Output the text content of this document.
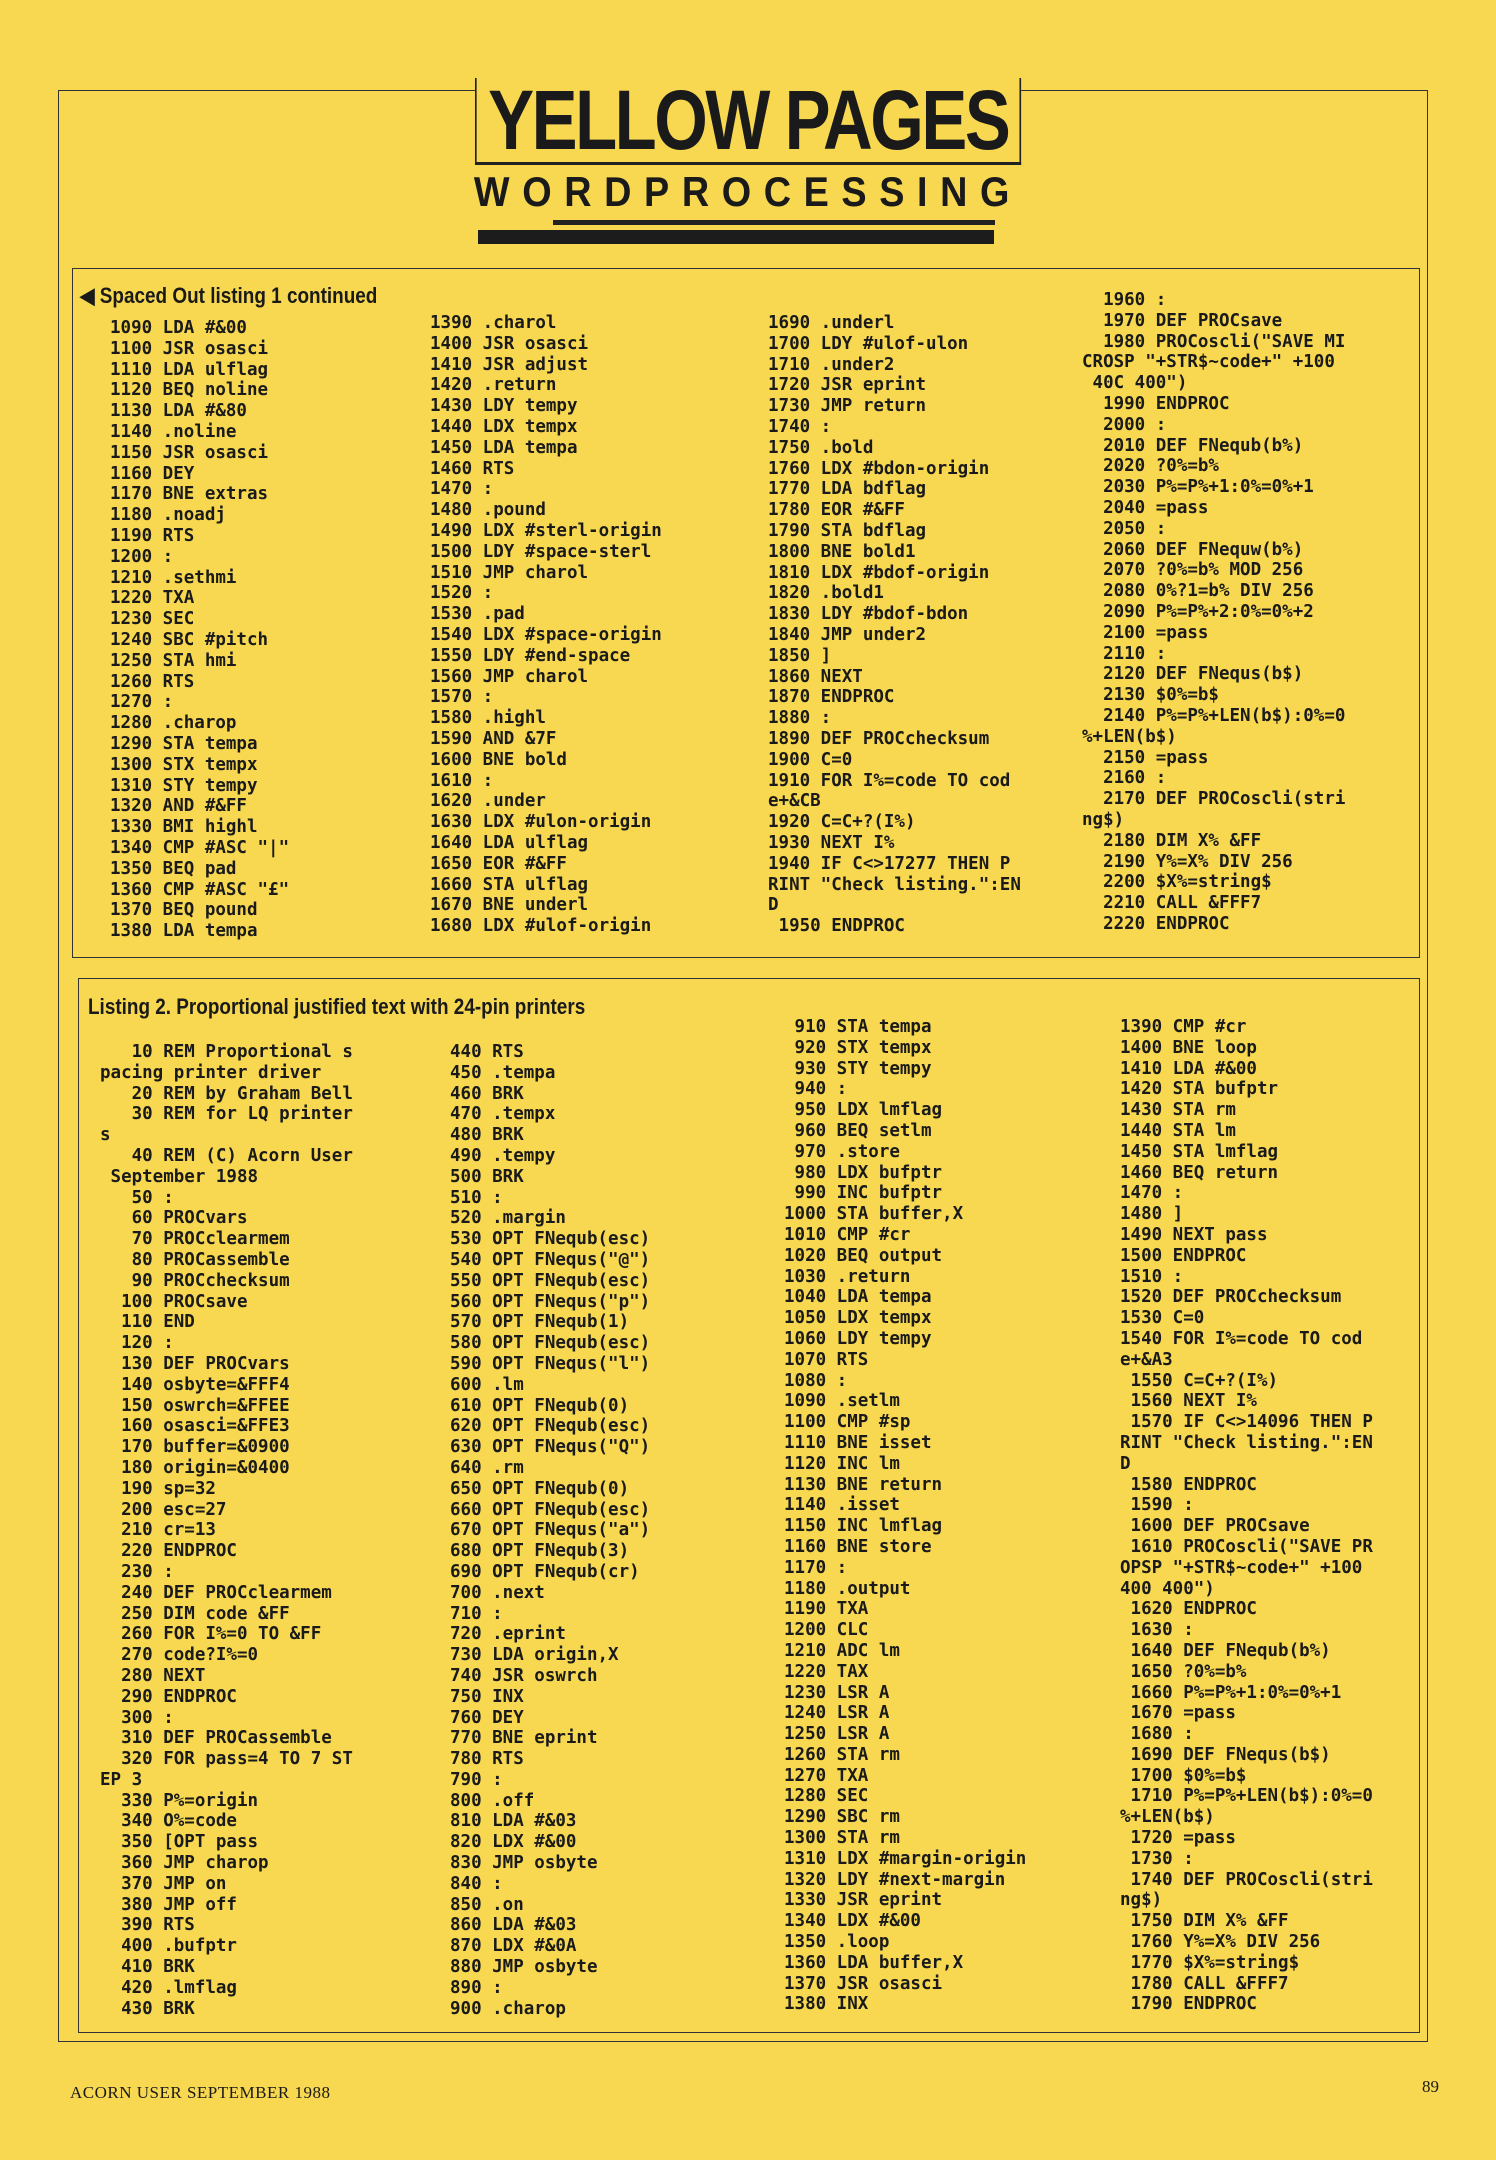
YELLOW PAGES
WORDPROCESSING
◀ Spaced Out listing 1 continued
1090 LDA #&00
1100 JSR osasci
1110 LDA ulflag
1120 BEQ noline
1130 LDA #&80
1140 .noline
1150 JSR osasci
1160 DEY
1170 BNE extras
1180 .noadj
1190 RTS
1200 :
1210 .sethmi
1220 TXA
1230 SEC
1240 SBC #pitch
1250 STA hmi
1260 RTS
1270 :
1280 .charop
1290 STA tempa
1300 STX tempx
1310 STY tempy
1320 AND #&FF
1330 BMI highl
1340 CMP #ASC "|"
1350 BEQ pad
1360 CMP #ASC "£"
1370 BEQ pound
1380 LDA tempa
1390 .charol
1400 JSR osasci
1410 JSR adjust
1420 .return
1430 LDY tempy
1440 LDX tempx
1450 LDA tempa
1460 RTS
1470 :
1480 .pound
1490 LDX #sterl-origin
1500 LDY #space-sterl
1510 JMP charol
1520 :
1530 .pad
1540 LDX #space-origin
1550 LDY #end-space
1560 JMP charol
1570 :
1580 .highl
1590 AND &7F
1600 BNE bold
1610 :
1620 .under
1630 LDX #ulon-origin
1640 LDA ulflag
1650 EOR #&FF
1660 STA ulflag
1670 BNE underl
1680 LDX #ulof-origin
1690 .underl
1700 LDY #ulof-ulon
1710 .under2
1720 JSR eprint
1730 JMP return
1740 :
1750 .bold
1760 LDX #bdon-origin
1770 LDA bdflag
1780 EOR #&FF
1790 STA bdflag
1800 BNE bold1
1810 LDX #bdof-origin
1820 .bold1
1830 LDY #bdof-bdon
1840 JMP under2
1850 ]
1860 NEXT
1870 ENDPROC
1880 :
1890 DEF PROCchecksum
1900 C=0
1910 FOR I%=code TO cod
e+&CB
1920 C=C+?(I%)
1930 NEXT I%
1940 IF C<>17277 THEN P
RINT "Check listing.":EN
D
1950 ENDPROC
1960 :
1970 DEF PROCsave
1980 PROCoscli("SAVE MI
CROSP "+STR$~code+" +100
40C 400")
1990 ENDPROC
2000 :
2010 DEF FNequb(b%)
2020 ?0%=b%
2030 P%=P%+1:0%=0%+1
2040 =pass
2050 :
2060 DEF FNequw(b%)
2070 ?0%=b% MOD 256
2080 0%?1=b% DIV 256
2090 P%=P%+2:0%=0%+2
2100 =pass
2110 :
2120 DEF FNequs(b$)
2130 $0%=b$
2140 P%=P%+LEN(b$):0%=0
%+LEN(b$)
2150 =pass
2160 :
2170 DEF PROCoscli(stri
ng$)
2180 DIM X% &FF
2190 Y%=X% DIV 256
2200 $X%=string$
2210 CALL &FFF7
2220 ENDPROC
Listing 2. Proportional justified text with 24-pin printers
10 REM Proportional s
pacing printer driver
20 REM by Graham Bell
30 REM for LQ printer
s
40 REM (C) Acorn User
September 1988
50 :
60 PROCvars
70 PROCclearmem
80 PROCassemble
90 PROCchecksum
100 PROCsave
110 END
120 :
130 DEF PROCvars
140 osbyte=&FFF4
150 oswrch=&FFEE
160 osasci=&FFE3
170 buffer=&0900
180 origin=&0400
190 sp=32
200 esc=27
210 cr=13
220 ENDPROC
230 :
240 DEF PROCclearmem
250 DIM code &FF
260 FOR I%=0 TO &FF
270 code?I%=0
280 NEXT
290 ENDPROC
300 :
310 DEF PROCassemble
320 FOR pass=4 TO 7 ST
EP 3
330 P%=origin
340 O%=code
350 [OPT pass
360 JMP charop
370 JMP on
380 JMP off
390 RTS
400 .bufptr
410 BRK
420 .lmflag
430 BRK
440 RTS
450 .tempa
460 BRK
470 .tempx
480 BRK
490 .tempy
500 BRK
510 :
520 .margin
530 OPT FNequb(esc)
540 OPT FNequs("@")
550 OPT FNequb(esc)
560 OPT FNequs("p")
570 OPT FNequb(1)
580 OPT FNequb(esc)
590 OPT FNequs("l")
600 .lm
610 OPT FNequb(0)
620 OPT FNequb(esc)
630 OPT FNequs("Q")
640 .rm
650 OPT FNequb(0)
660 OPT FNequb(esc)
670 OPT FNequs("a")
680 OPT FNequb(3)
690 OPT FNequb(cr)
700 .next
710 :
720 .eprint
730 LDA origin,X
740 JSR oswrch
750 INX
760 DEY
770 BNE eprint
780 RTS
790 :
800 .off
810 LDA #&03
820 LDX #&00
830 JMP osbyte
840 :
850 .on
860 LDA #&03
870 LDX #&0A
880 JMP osbyte
890 :
900 .charop
910 STA tempa
920 STX tempx
930 STY tempy
940 :
950 LDX lmflag
960 BEQ setlm
970 .store
980 LDX bufptr
990 INC bufptr
1000 STA buffer,X
1010 CMP #cr
1020 BEQ output
1030 .return
1040 LDA tempa
1050 LDX tempx
1060 LDY tempy
1070 RTS
1080 :
1090 .setlm
1100 CMP #sp
1110 BNE isset
1120 INC lm
1130 BNE return
1140 .isset
1150 INC lmflag
1160 BNE store
1170 :
1180 .output
1190 TXA
1200 CLC
1210 ADC lm
1220 TAX
1230 LSR A
1240 LSR A
1250 LSR A
1260 STA rm
1270 TXA
1280 SEC
1290 SBC rm
1300 STA rm
1310 LDX #margin-origin
1320 LDY #next-margin
1330 JSR eprint
1340 LDX #&00
1350 .loop
1360 LDA buffer,X
1370 JSR osasci
1380 INX
1390 CMP #cr
1400 BNE loop
1410 LDA #&00
1420 STA bufptr
1430 STA rm
1440 STA lm
1450 STA lmflag
1460 BEQ return
1470 :
1480 ]
1490 NEXT pass
1500 ENDPROC
1510 :
1520 DEF PROCchecksum
1530 C=0
1540 FOR I%=code TO cod
e+&A3
1550 C=C+?(I%)
1560 NEXT I%
1570 IF C<>14096 THEN P
RINT "Check listing.":EN
D
1580 ENDPROC
1590 :
1600 DEF PROCsave
1610 PROCoscli("SAVE PR
OPSP "+STR$~code+" +100
400 400")
1620 ENDPROC
1630 :
1640 DEF FNequb(b%)
1650 ?0%=b%
1660 P%=P%+1:0%=0%+1
1670 =pass
1680 :
1690 DEF FNequs(b$)
1700 $0%=b$
1710 P%=P%+LEN(b$):0%=0
%+LEN(b$)
1720 =pass
1730 :
1740 DEF PROCoscli(stri
ng$)
1750 DIM X% &FF
1760 Y%=X% DIV 256
1770 $X%=string$
1780 CALL &FFF7
1790 ENDPROC
ACORN USER SEPTEMBER 1988	89
